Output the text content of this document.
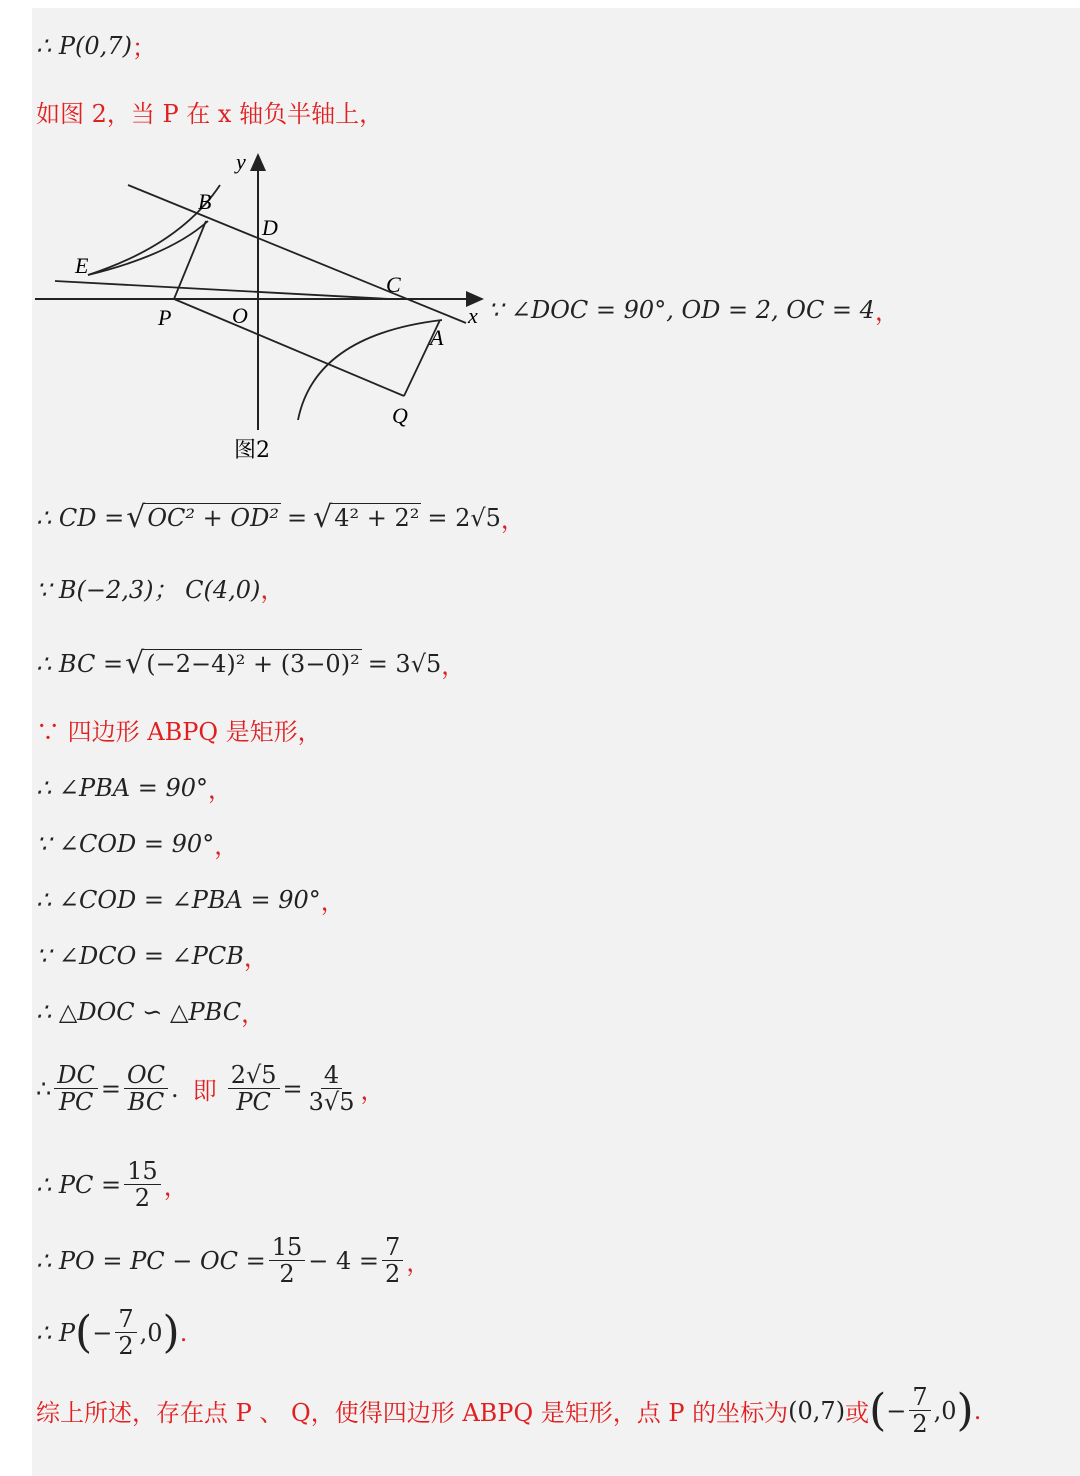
∴ P(0,7) ；
如图 2，当 P 在 x 轴负半轴上，
y
x
B
D
E
C
P	O
A
Q
图2
∵ ∠DOC = 90°, OD = 2, OC = 4 ，
∴ CD = √ OC² + OD² = √ 4² + 2² = 2√5 ，
∵ B(−2,3)； C(4,0) ，
∴ BC = √ (−2−4)² + (3−0)² = 3√5 ，
∵ 四边形 ABPQ 是矩形，
∴ ∠PBA = 90° ，
∵ ∠COD = 90° ，
∴ ∠COD = ∠PBA = 90° ，
∵ ∠DCO = ∠PCB ，
∴ △DOC ∽ △PBC ，
∴ $\frac{DC}{PC} = \frac{OC}{BC}$ . 即 $\frac{2√5}{PC} = \frac{4}{3√5}$ ，
∴ PC = $\frac{15}{2}$ ，
∴ PO = PC − OC = $\frac{15}{2} - 4 = \frac{7}{2}$ ，
∴ P ( − $\frac{7}{2} ,0$ ) .
综上所述，存在点 P 、 Q，使得四边形 ABPQ 是矩形，点 P 的坐标为 (0,7) 或 ( − $\frac{7}{2} ,0$ ) .
